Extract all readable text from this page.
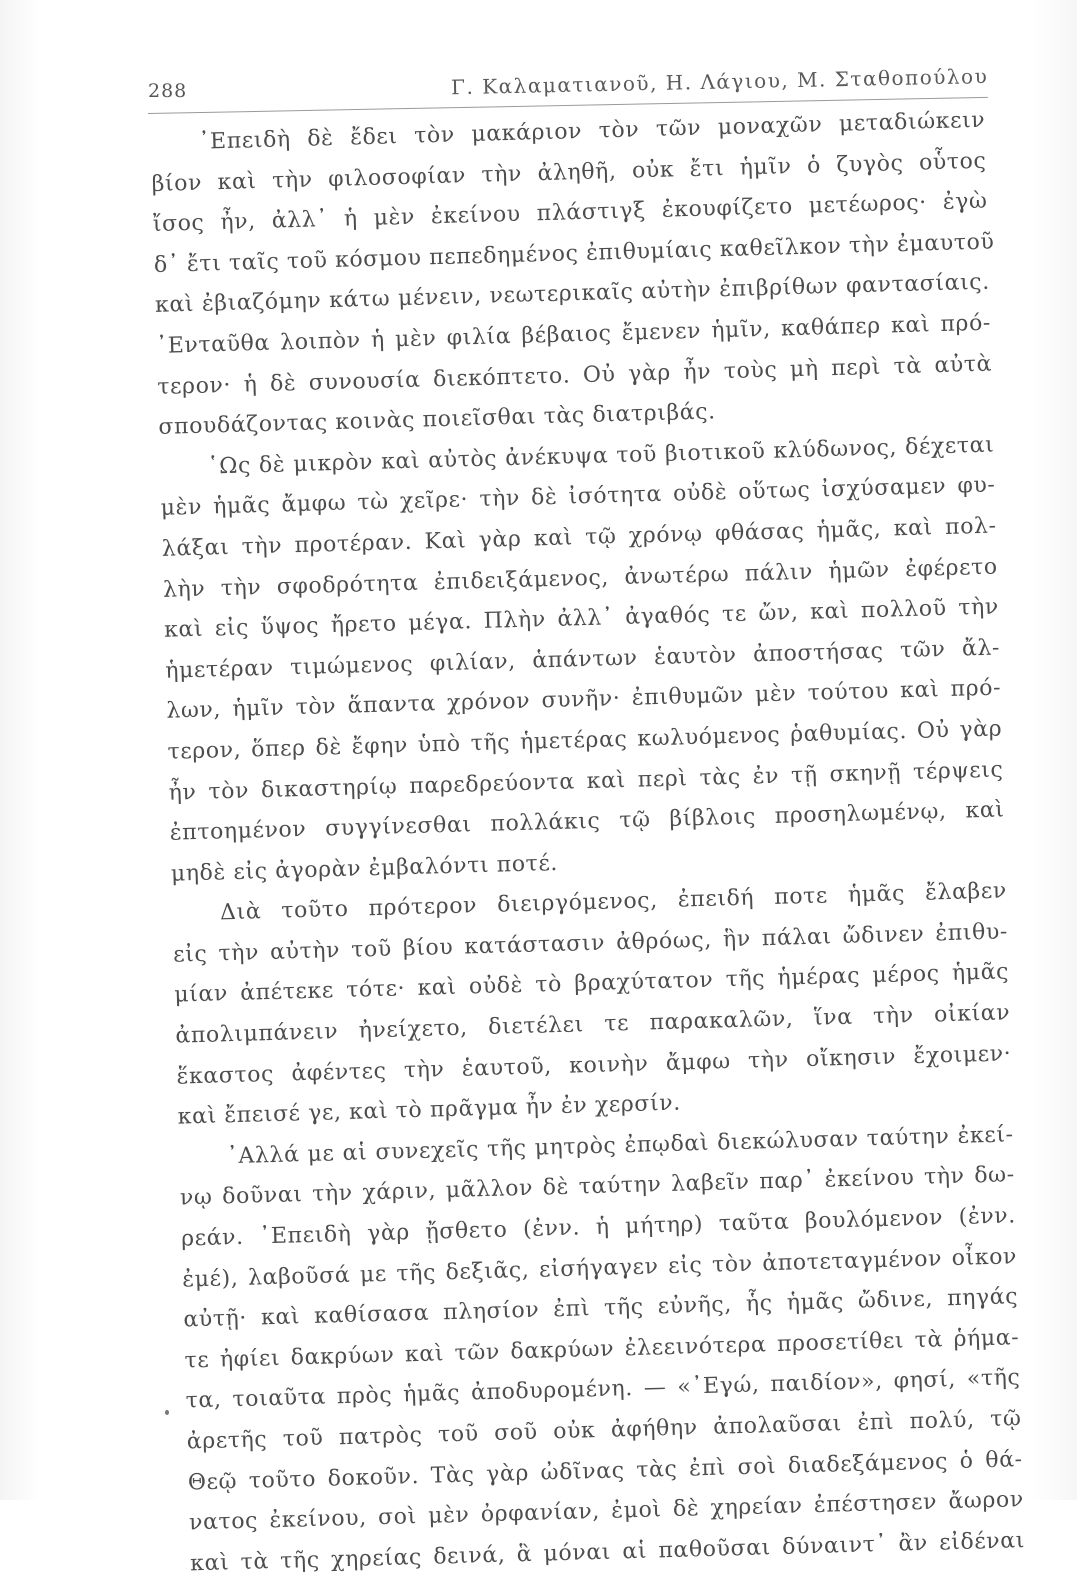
288	Γ. Καλαματιανοῦ, Η. Λάγιου, Μ. Σταθοπούλου
᾿Επειδὴ δὲ ἔδει τὸν μακάριον τὸν τῶν μοναχῶν μεταδιώκειν
βίον καὶ τὴν φιλοσοφίαν τὴν ἀληθῆ, οὐκ ἔτι ἡμῖν ὁ ζυγὸς οὗτος
ἴσος ἦν, ἀλλ᾿ ἡ μὲν ἐκείνου πλάστιγξ ἐκουφίζετο μετέωρος· ἐγὼ
δ᾿ ἔτι ταῖς τοῦ κόσμου πεπεδημένος ἐπιθυμίαις καθεῖλκον τὴν ἐμαυτοῦ
καὶ ἐβιαζόμην κάτω μένειν, νεωτερικαῖς αὐτὴν ἐπιβρίθων φαντασίαις.
᾿Ενταῦθα λοιπὸν ἡ μὲν φιλία βέβαιος ἔμενεν ἡμῖν, καθάπερ καὶ πρό-
τερον· ἡ δὲ συνουσία διεκόπτετο. Οὐ γὰρ ἦν τοὺς μὴ περὶ τὰ αὐτὰ
σπουδάζοντας κοινὰς ποιεῖσθαι τὰς διατριβάς.
῾Ως δὲ μικρὸν καὶ αὐτὸς ἀνέκυψα τοῦ βιοτικοῦ κλύδωνος, δέχεται
μὲν ἡμᾶς ἄμφω τὼ χεῖρε· τὴν δὲ ἰσότητα οὐδὲ οὕτως ἰσχύσαμεν φυ-
λάξαι τὴν προτέραν. Καὶ γὰρ καὶ τῷ χρόνῳ φθάσας ἡμᾶς, καὶ πολ-
λὴν τὴν σφοδρότητα ἐπιδειξάμενος, ἀνωτέρω πάλιν ἡμῶν ἐφέρετο
καὶ εἰς ὕψος ἤρετο μέγα. Πλὴν ἀλλ᾿ ἀγαθός τε ὤν, καὶ πολλοῦ τὴν
ἡμετέραν τιμώμενος φιλίαν, ἁπάντων ἑαυτὸν ἀποστήσας τῶν ἄλ-
λων, ἡμῖν τὸν ἅπαντα χρόνον συνῆν· ἐπιθυμῶν μὲν τούτου καὶ πρό-
τερον, ὅπερ δὲ ἔφην ὑπὸ τῆς ἡμετέρας κωλυόμενος ῥαθυμίας. Οὐ γὰρ
ἦν τὸν δικαστηρίῳ παρεδρεύοντα καὶ περὶ τὰς ἐν τῇ σκηνῇ τέρψεις
ἐπτοημένον συγγίνεσθαι πολλάκις τῷ βίβλοις προσηλωμένῳ, καὶ
μηδὲ εἰς ἀγορὰν ἐμβαλόντι ποτέ.
Διὰ τοῦτο πρότερον διειργόμενος, ἐπειδή ποτε ἡμᾶς ἔλαβεν
εἰς τὴν αὐτὴν τοῦ βίου κατάστασιν ἀθρόως, ἣν πάλαι ὤδινεν ἐπιθυ-
μίαν ἀπέτεκε τότε· καὶ οὐδὲ τὸ βραχύτατον τῆς ἡμέρας μέρος ἡμᾶς
ἀπολιμπάνειν ἠνείχετο, διετέλει τε παρακαλῶν, ἵνα τὴν οἰκίαν
ἕκαστος ἀφέντες τὴν ἑαυτοῦ, κοινὴν ἄμφω τὴν οἴκησιν ἔχοιμεν·
καὶ ἔπεισέ γε, καὶ τὸ πρᾶγμα ἦν ἐν χερσίν.
᾿Αλλά με αἱ συνεχεῖς τῆς μητρὸς ἐπῳδαὶ διεκώλυσαν ταύτην ἐκεί-
νῳ δοῦναι τὴν χάριν, μᾶλλον δὲ ταύτην λαβεῖν παρ᾿ ἐκείνου τὴν δω-
ρεάν. ᾿Επειδὴ γὰρ ᾔσθετο (ἐνν. ἡ μήτηρ) ταῦτα βουλόμενον (ἐνν.
ἐμέ), λαβοῦσά με τῆς δεξιᾶς, εἰσήγαγεν εἰς τὸν ἀποτεταγμένον οἶκον
αὐτῇ· καὶ καθίσασα πλησίον ἐπὶ τῆς εὐνῆς, ἧς ἡμᾶς ὤδινε, πηγάς
τε ἠφίει δακρύων καὶ τῶν δακρύων ἐλεεινότερα προσετίθει τὰ ῥήμα-
τα, τοιαῦτα πρὸς ἡμᾶς ἀποδυρομένη. — «᾿Εγώ, παιδίον», φησί, «τῆς
ἀρετῆς τοῦ πατρὸς τοῦ σοῦ οὐκ ἀφήθην ἀπολαῦσαι ἐπὶ πολύ, τῷ
Θεῷ τοῦτο δοκοῦν. Τὰς γὰρ ὠδῖνας τὰς ἐπὶ σοὶ διαδεξάμενος ὁ θά-
νατος ἐκείνου, σοὶ μὲν ὀρφανίαν, ἐμοὶ δὲ χηρείαν ἐπέστησεν ἄωρον
καὶ τὰ τῆς χηρείας δεινά, ἃ μόναι αἱ παθοῦσαι δύναιντ᾿ ἂν εἰδέναι
